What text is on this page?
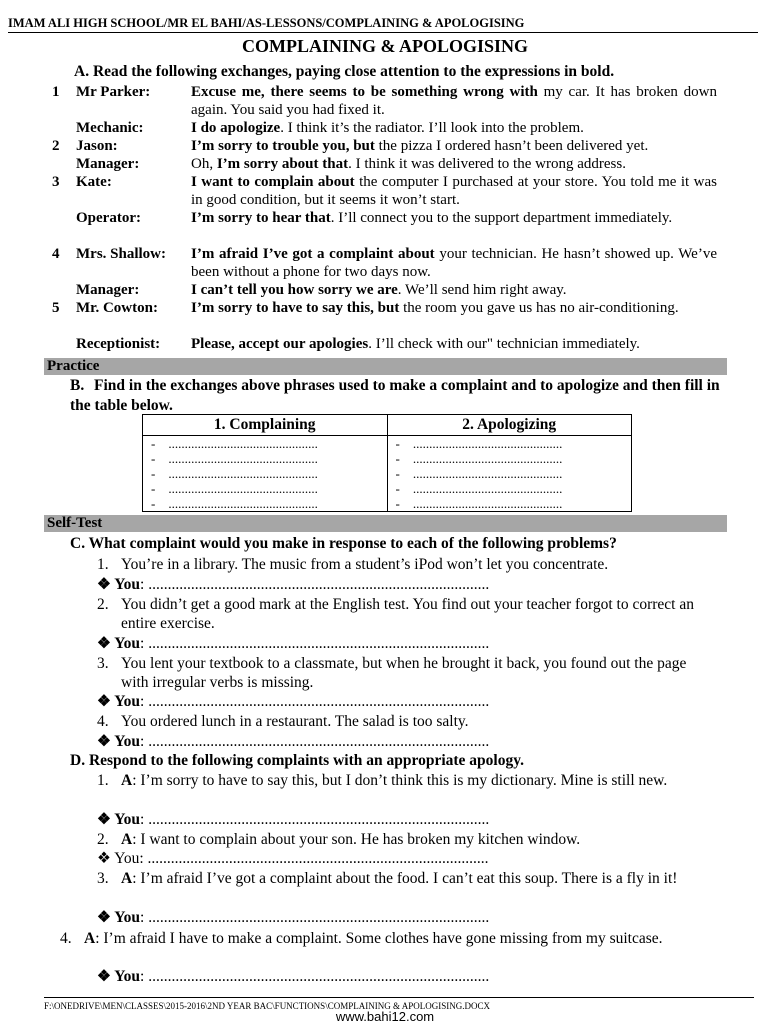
IMAM ALI HIGH SCHOOL/MR EL BAHI/AS-LESSONS/COMPLAINING & APOLOGISING
COMPLAINING & APOLOGISING
A. Read the following exchanges, paying close attention to the expressions in bold.
1 Mr Parker:	Excuse me, there seems to be something wrong with my car. It has broken down again. You said you had fixed it.
Mechanic:	I do apologize. I think it’s the radiator. I’ll look into the problem.
2 Jason:	I’m sorry to trouble you, but the pizza I ordered hasn’t been delivered yet.
Manager:	Oh, I’m sorry about that. I think it was delivered to the wrong address.
3 Kate:	I want to complain about the computer I purchased at your store. You told me it was in good condition, but it seems it won’t start.
Operator:	I’m sorry to hear that. I’ll connect you to the support department immediately.
4 Mrs. Shallow: I’m afraid I’ve got a complaint about your technician. He hasn’t showed up. We’ve been without a phone for two days now.
Manager:	I can’t tell you how sorry we are. We’ll send him right away.
5 Mr. Cowton: I’m sorry to have to say this, but the room you gave us has no air-conditioning.
Receptionist: Please, accept our apologies. I’ll check with our" technician immediately.
Practice
B. Find in the exchanges above phrases used to make a complaint and to apologize and then fill in the table below.
1. Complaining	2. Apologizing
- ..............................................	- ..............................................
- ..............................................	- ..............................................
- ..............................................	- ..............................................
- ..............................................	- ..............................................
- ..............................................	- ..............................................
Self-Test
C. What complaint would you make in response to each of the following problems?
1. You’re in a library. The music from a student’s iPod won’t let you concentrate.
❖ You: ........................................................................................
2. You didn’t get a good mark at the English test. You find out your teacher forgot to correct an entire exercise.
❖ You: ........................................................................................
3. You lent your textbook to a classmate, but when he brought it back, you found out the page with irregular verbs is missing.
❖ You: ........................................................................................
4. You ordered lunch in a restaurant. The salad is too salty.
❖ You: ........................................................................................
D. Respond to the following complaints with an appropriate apology.
1. A: I’m sorry to have to say this, but I don’t think this is my dictionary. Mine is still new.
❖ You: ........................................................................................
2. A: I want to complain about your son. He has broken my kitchen window.
❖ You: ........................................................................................
3. A: I’m afraid I’ve got a complaint about the food. I can’t eat this soup. There is a fly in it!
❖ You: ........................................................................................
4. A: I’m afraid I have to make a complaint. Some clothes have gone missing from my suitcase.
❖ You: ........................................................................................
F:\ONEDRIVE\MEN\CLASSES\2015-2016\2ND YEAR BAC\FUNCTIONS\COMPLAINING & APOLOGISING.DOCX
www.bahi12.com
